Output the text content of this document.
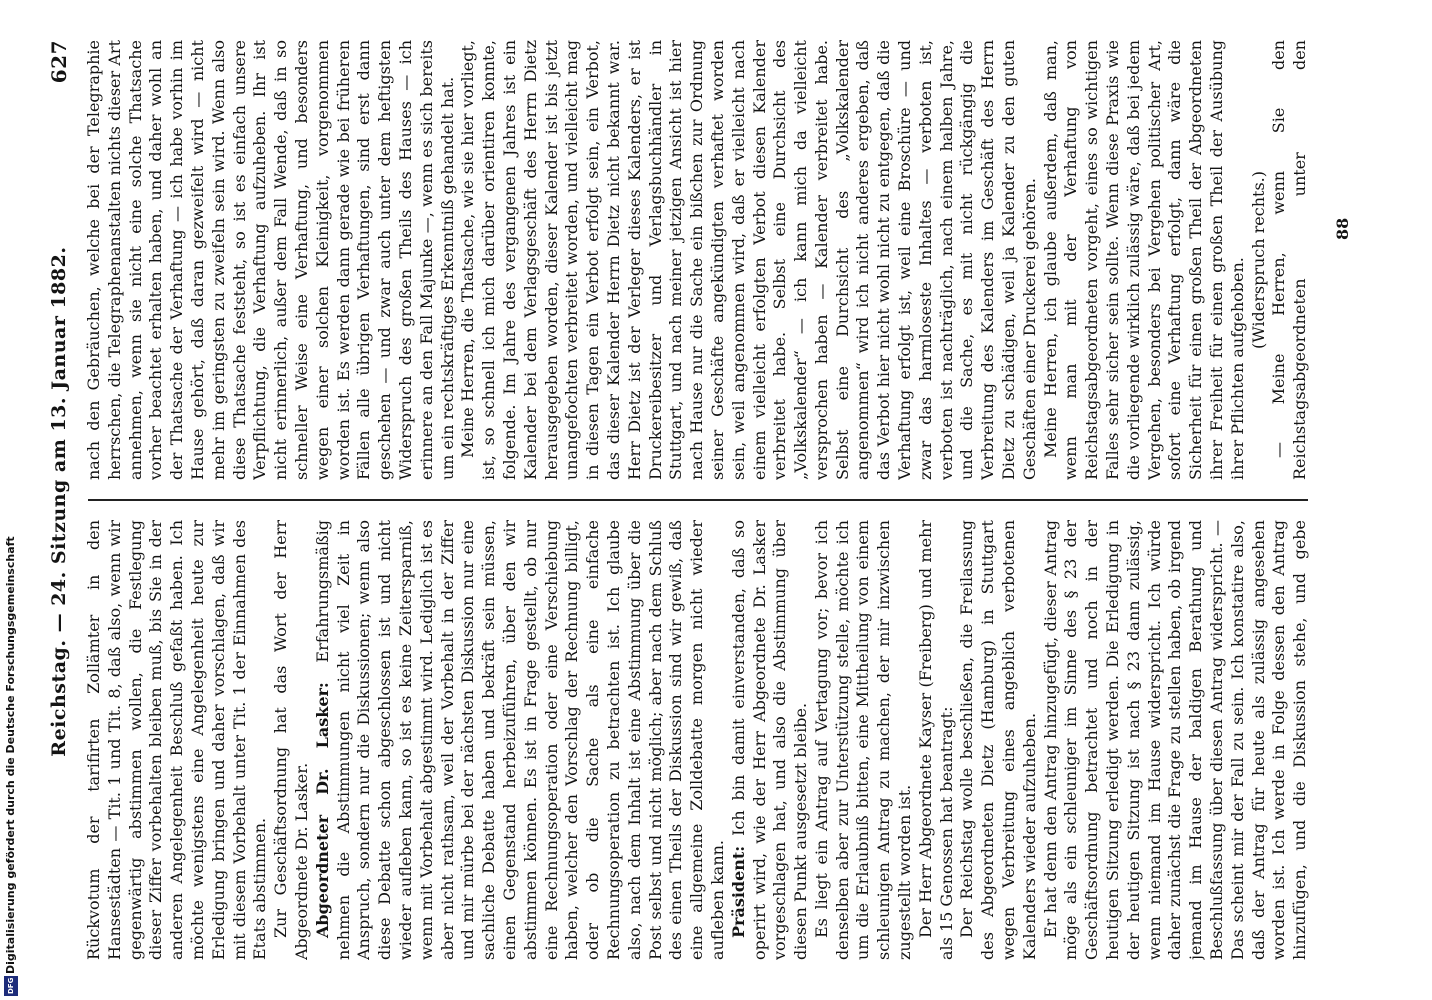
Reichstag. — 24. Sitzung am 13. Januar 1882.
627

Rückvotum der tarifirten Zollämter in den Hansestädten — Tit. 1 und Tit. 8, daß also, wenn wir gegenwärtig abstimmen wollen, die Festlegung dieser Ziffer vorbehalten bleiben muß, bis Sie in der anderen Angelegenheit Beschluß gefaßt haben. Ich möchte wenigstens eine Angelegenheit heute zur Erledigung bringen und daher vorschlagen, daß wir mit diesem Vorbehalt unter Tit. 1 der Einnahmen des Etats abstimmen. Zur Geschäftsordnung hat das Wort der Herr Abgeordnete Dr. Lasker. Abgeordneter Dr. Lasker: Erfahrungsmäßig nehmen die Abstimmungen nicht viel Zeit in Anspruch, sondern nur die Diskussionen; wenn also diese Debatte schon abgeschlossen ist und nicht wieder aufleben kann, so ist es keine Zeitersparniß, wenn mit Vorbehalt abgestimmt wird. Lediglich ist es aber nicht rathsam, weil der Vorbehalt in der Ziffer und mir mürbe bei der nächsten Diskussion nur eine sachliche Debatte haben und bekräft sein müssen, einen Gegenstand herbeizuführen, über den wir abstimmen können. Es ist in Frage gestellt, ob nur eine Rechnungsoperation oder eine Verschiebung haben, welcher den Vorschlag der Rechnung billigt, oder ob die Sache als eine einfache Rechnungsoperation zu betrachten ist. Ich glaube also, nach dem Inhalt ist eine Abstimmung über die Post selbst und nicht möglich; aber nach dem Schluß des einen Theils der Diskussion sind wir gewiß, daß eine allgemeine Zolldebatte morgen nicht wieder aufleben kann. Präsident: Ich bin damit einverstanden, daß so operirt wird, wie der Herr Abgeordnete Dr. Lasker vorgeschlagen hat, und also die Abstimmung über diesen Punkt ausgesetzt bleibe. Es liegt ein Antrag auf Vertagung vor; bevor ich denselben aber zur Unterstützung stelle, möchte ich um die Erlaubniß bitten, eine Mittheilung von einem schleunigen Antrag zu machen, der mir inzwischen zugestellt worden ist. Der Herr Abgeordnete Kayser (Freiberg) und mehr als 15 Genossen hat beantragt: Der Reichstag wolle beschließen, die Freilassung des Abgeordneten Dietz (Hamburg) in Stuttgart wegen Verbreitung eines angeblich verbotenen Kalenders wieder aufzuheben. Er hat denn den Antrag hinzugefügt, dieser Antrag möge als ein schleuniger im Sinne des § 23 der Geschäftsordnung betrachtet und noch in der heutigen Sitzung erledigt werden. Die Erledigung in der heutigen Sitzung ist nach § 23 dann zulässig, wenn niemand im Hause widerspricht. Ich würde daher zunächst die Frage zu stellen haben, ob irgend jemand im Hause der baldigen Berathung und Beschlußfassung über diesen Antrag widerspricht. — Das scheint mir der Fall zu sein. Ich konstatire also, daß der Antrag für heute als zulässig angesehen worden ist. Ich werde in Folge dessen den Antrag hinzufügen, und die Diskussion stehe, und gebe

nach den Gebräuchen, welche bei der Telegraphie herrschen, die Telegraphenanstalten nichts dieser Art annehmen, wenn sie nicht eine solche Thatsache vorher beachtet erhalten haben, und daher wohl an der Thatsache der Verhaftung — ich habe vorhin im Hause gehört, daß daran gezweifelt wird — nicht mehr im geringsten zu zweifeln sein wird. Wenn also diese Thatsache feststeht, so ist es einfach unsere Verpflichtung, die Verhaftung aufzuheben. Ihr ist nicht erinnerlich, außer dem Fall Wende, daß in so schneller Weise eine Verhaftung, und besonders wegen einer solchen Kleinigkeit, vorgenommen worden ist. Es werden dann gerade wie bei früheren Fällen alle übrigen Verhaftungen, sind erst dann geschehen — und zwar auch unter dem heftigsten Widerspruch des großen Theils des Hauses — ich erinnere an den Fall Majunke —, wenn es sich bereits um ein rechtskräftiges Erkenntniß gehandelt hat. Meine Herren, die Thatsache, wie sie hier vorliegt, ist, so schnell ich mich darüber orientiren konnte, folgende. Im Jahre des vergangenen Jahres ist ein Kalender bei dem Verlagsgeschäft des Herrn Dietz herausgegeben worden, dieser Kalender ist bis jetzt unangefochten verbreitet worden, und vielleicht mag in diesen Tagen ein Verbot erfolgt sein, ein Verbot, das dieser Kalender Herrn Dietz nicht bekannt war. Herr Dietz ist der Verleger dieses Kalenders, er ist Druckereibesitzer und Verlagsbuchhändler in Stuttgart, und nach meiner jetzigen Ansicht ist hier nach Hause nur die Sache ein bißchen zur Ordnung seiner Geschäfte angekündigten verhaftet worden sein, weil angenommen wird, daß er vielleicht nach einem vielleicht erfolgten Verbot diesen Kalender verbreitet habe. Selbst eine Durchsicht des „Volkskalender“ — ich kann mich da vielleicht versprochen haben — Kalender verbreitet habe. Selbst eine Durchsicht des „Volkskalender angenommen“ wird ich nicht anderes ergeben, daß das Verbot hier nicht wohl nicht zu entgegen, daß die Verhaftung erfolgt ist, weil eine Broschüre — und zwar das harmloseste Inhaltes — verboten ist, verboten ist nachträglich, nach einem halben Jahre, und die Sache, es mit nicht rückgängig die Verbreitung des Kalenders im Geschäft des Herrn Dietz zu schädigen, weil ja Kalender zu den guten Geschäften einer Druckerei gehören. Meine Herren, ich glaube außerdem, daß man, wenn man mit der Verhaftung von Reichstagsabgeordneten vorgeht, eines so wichtigen Falles sehr sicher sein sollte. Wenn diese Praxis wie die vorliegende wirklich zulässig wäre, daß bei jedem Vergehen, besonders bei Vergehen politischer Art, sofort eine Verhaftung erfolgt, dann wäre die Sicherheit für einen großen Theil der Abgeordneten ihrer Freiheit für einen großen Theil der Ausübung ihrer Pflichten aufgehoben. (Widerspruch rechts.)

— Meine Herren, wenn Sie den Reichstagsabgeordneten unter den

88
Digitalisierung gefördert durch die Deutsche Forschungsgemeinschaft
DFG
